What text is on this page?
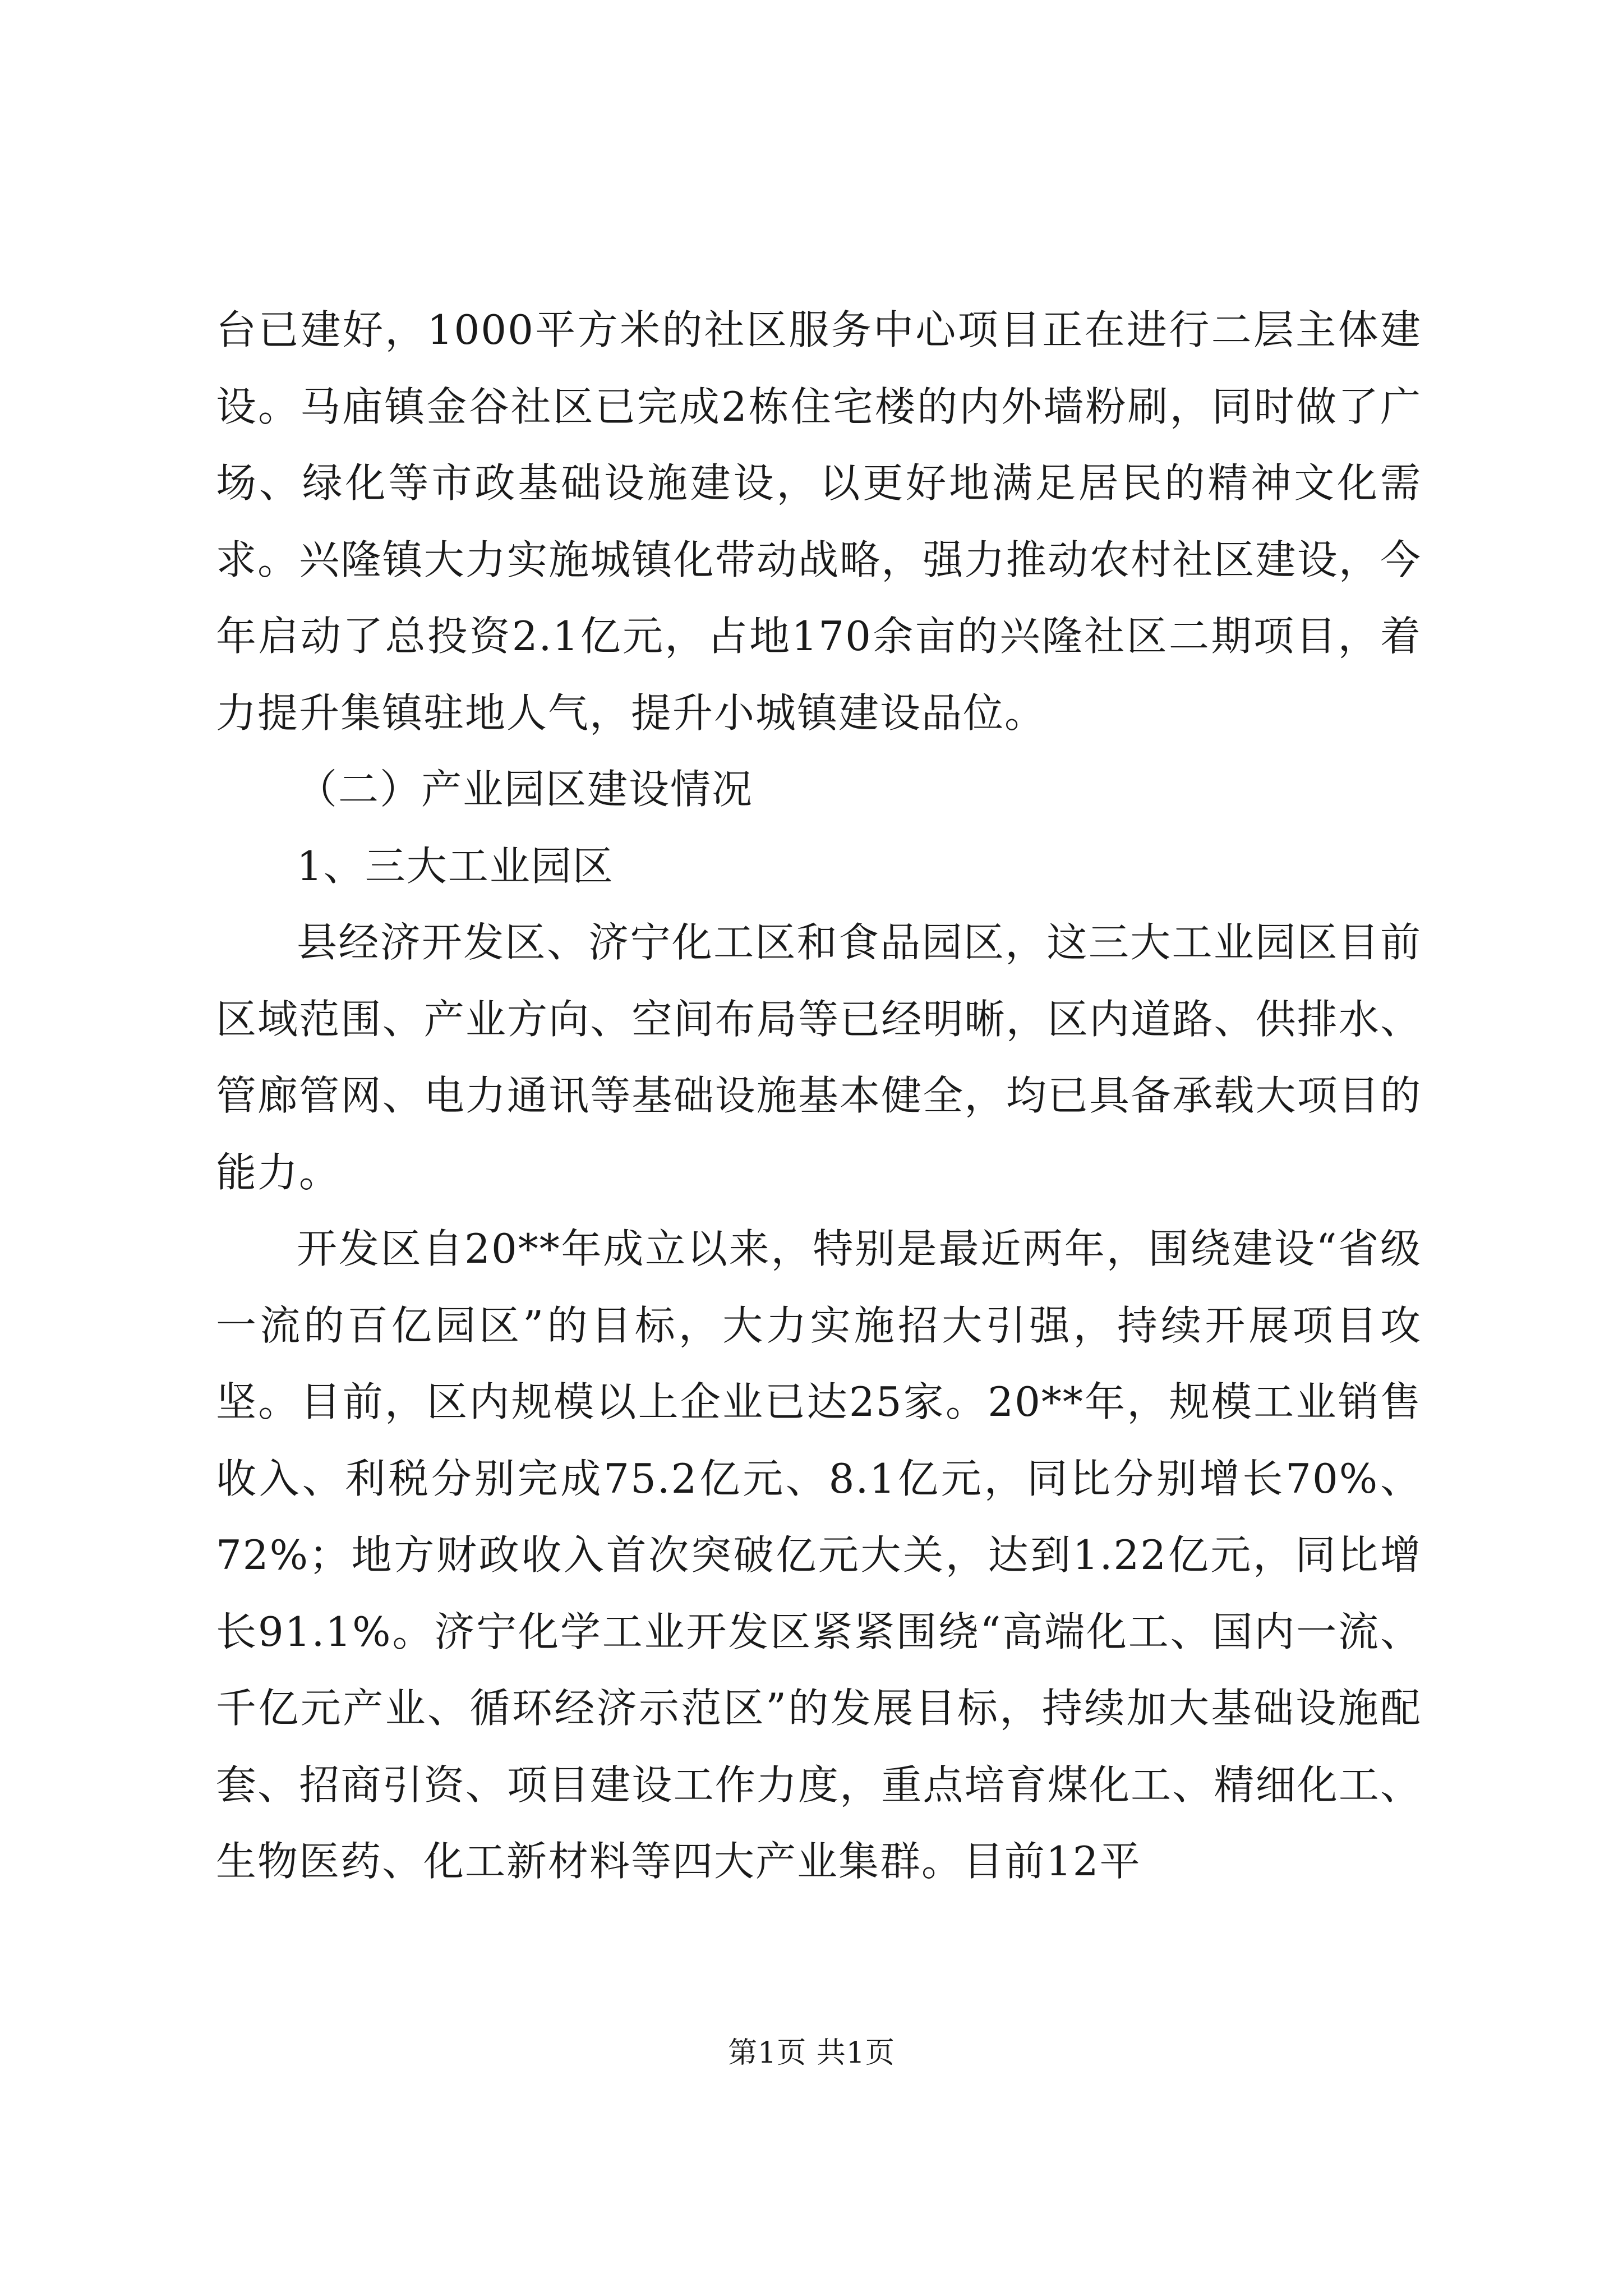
台已建好，1000平方米的社区服务中心项目正在进行二层主体建设。马庙镇金谷社区已完成2栋住宅楼的内外墙粉刷，同时做了广场、绿化等市政基础设施建设，以更好地满足居民的精神文化需求。兴隆镇大力实施城镇化带动战略，强力推动农村社区建设，今年启动了总投资2.1亿元，占地170余亩的兴隆社区二期项目，着力提升集镇驻地人气，提升小城镇建设品位。

（二）产业园区建设情况

1、三大工业园区

县经济开发区、济宁化工区和食品园区，这三大工业园区目前区域范围、产业方向、空间布局等已经明晰，区内道路、供排水、管廊管网、电力通讯等基础设施基本健全，均已具备承载大项目的能力。

开发区自20**年成立以来，特别是最近两年，围绕建设“省级一流的百亿园区”的目标，大力实施招大引强，持续开展项目攻坚。目前，区内规模以上企业已达25家。20**年，规模工业销售收入、利税分别完成75.2亿元、8.1亿元，同比分别增长70%、72%；地方财政收入首次突破亿元大关，达到1.22亿元，同比增长91.1%。济宁化学工业开发区紧紧围绕“高端化工、国内一流、千亿元产业、循环经济示范区”的发展目标，持续加大基础设施配套、招商引资、项目建设工作力度，重点培育煤化工、精细化工、生物医药、化工新材料等四大产业集群。目前12平

第1页 共1页
